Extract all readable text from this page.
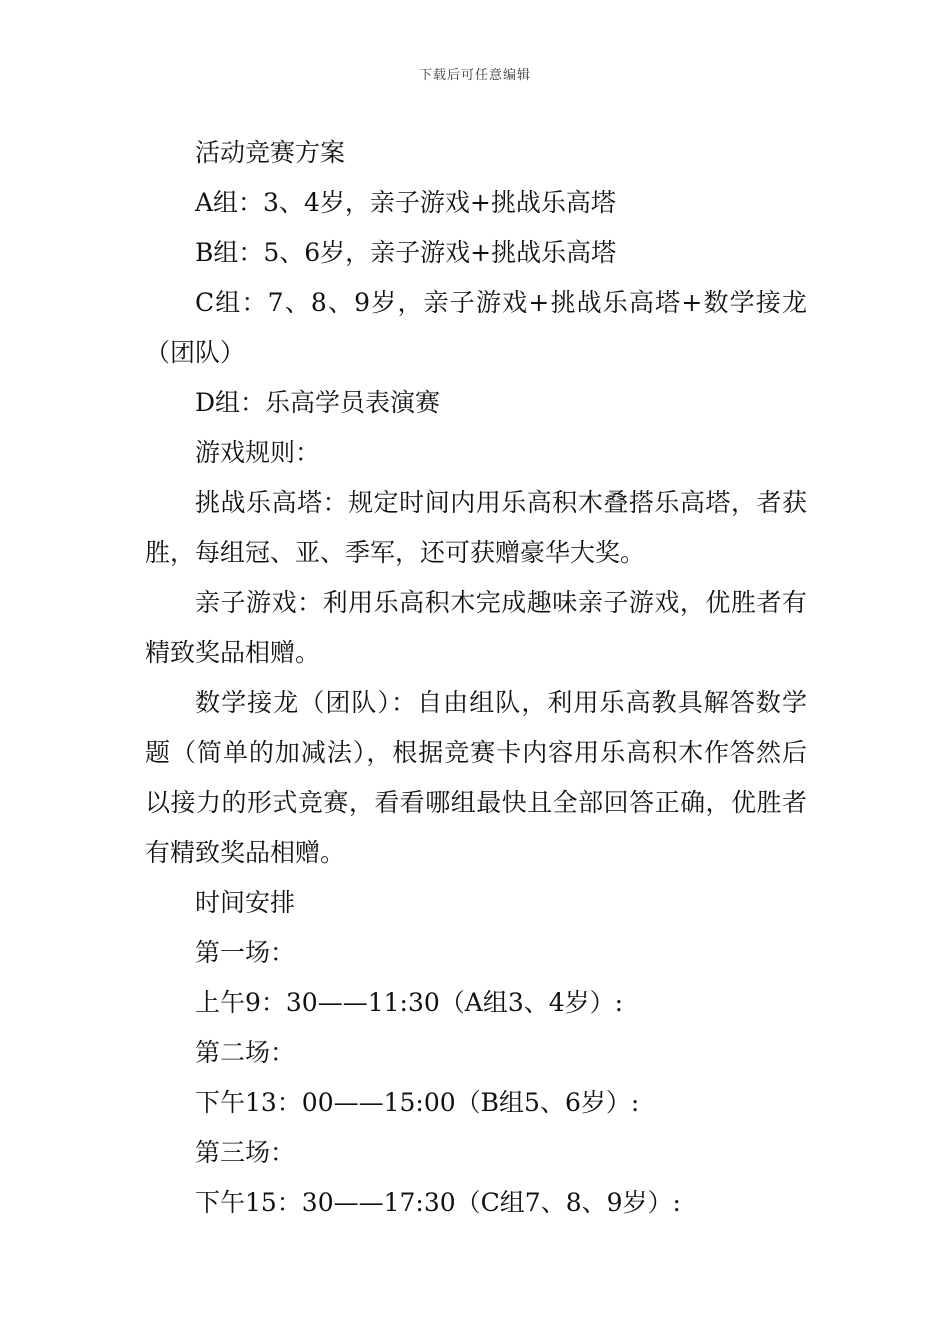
下载后可任意编辑

活动竞赛方案

A组：3、4岁，亲子游戏+挑战乐高塔

B组：5、6岁，亲子游戏+挑战乐高塔

C组：7、8、9岁，亲子游戏+挑战乐高塔+数学接龙（团队）

D组：乐高学员表演赛

游戏规则：

挑战乐高塔：规定时间内用乐高积木叠搭乐高塔，者获胜，每组冠、亚、季军，还可获赠豪华大奖。

亲子游戏：利用乐高积木完成趣味亲子游戏，优胜者有精致奖品相赠。

数学接龙（团队）：自由组队，利用乐高教具解答数学题（简单的加减法），根据竞赛卡内容用乐高积木作答然后以接力的形式竞赛，看看哪组最快且全部回答正确，优胜者有精致奖品相赠。

时间安排

第一场：

上午9：30——11:30（A组3、4岁）:

第二场：

下午13：00——15:00（B组5、6岁）:

第三场：

下午15：30——17:30（C组7、8、9岁）:
